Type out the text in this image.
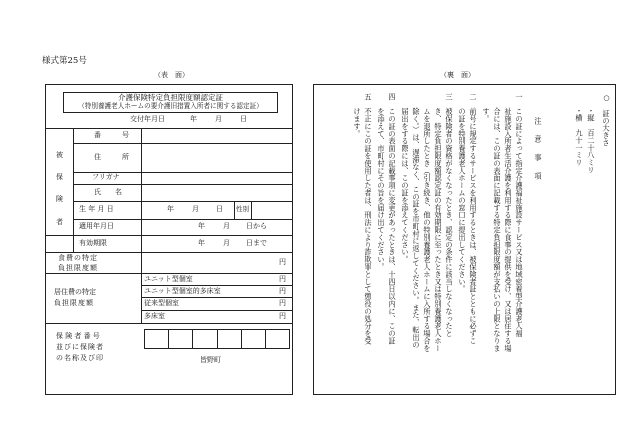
様式第25号
（表　面）	（裏　面）
介護保険特定負担限度額認定証
（特別養護老人ホームの要介護旧措置入所者に関する認定証）
交付年月日	年	月	日
被
保
険
者
番　　　号
住　　　所
フリガナ
氏　　名
生 年 月 日	年	月 日 性別
適用年月日	年	月 日から
有効期限	年	月 日まで
食費の特定
負担限度額
円
居住費の特定
負担限度額
ユニット型個室	円
ユニット型個室的多床室	円
従来型個室	円
多床室	円
保険者番号
並びに保険者
の名称及び印	皆野町
○　証の大きさ
・縦　百二十八ミリ
・横　九十一ミリ
注　意　事　項
一　この証によって指定介護福祉施設サービス又は地域密着型介護老人福
　　祉施設入所者生活介護を利用する際に食事の提供を受け、又は居住する場
　　合には、この証の表面に記載する特定負担限度額が支払いの上限となりま
　　す。
二　前号に規定するサービスを利用するときは、被保険者証とともに必ずこ
　　の証を特別養護老人ホームの窓口に提出してください。
三　被保険者の資格がなくなったとき、認定の条件に該当しなくなったと
　　き、特定負担限度額認定証の有効期限に至ったとき又は特別養護老人ホー
　　ムを退所したとき（引き続き、他の特別養護老人ホームに入所する場合を
　　除く。）は、遅滞なく、この証を市町村に返してください。また、転出の
　　届出をする際には、この証を添えてください。
四　この証の表面の記載事項に変更があったときは、十四日以内に、この証
　　を添えて、市町村にその旨を届け出てください。
五　不正にこの証を使用した者は、刑法により詐欺罪として懲役の処分を受
　　けます。
